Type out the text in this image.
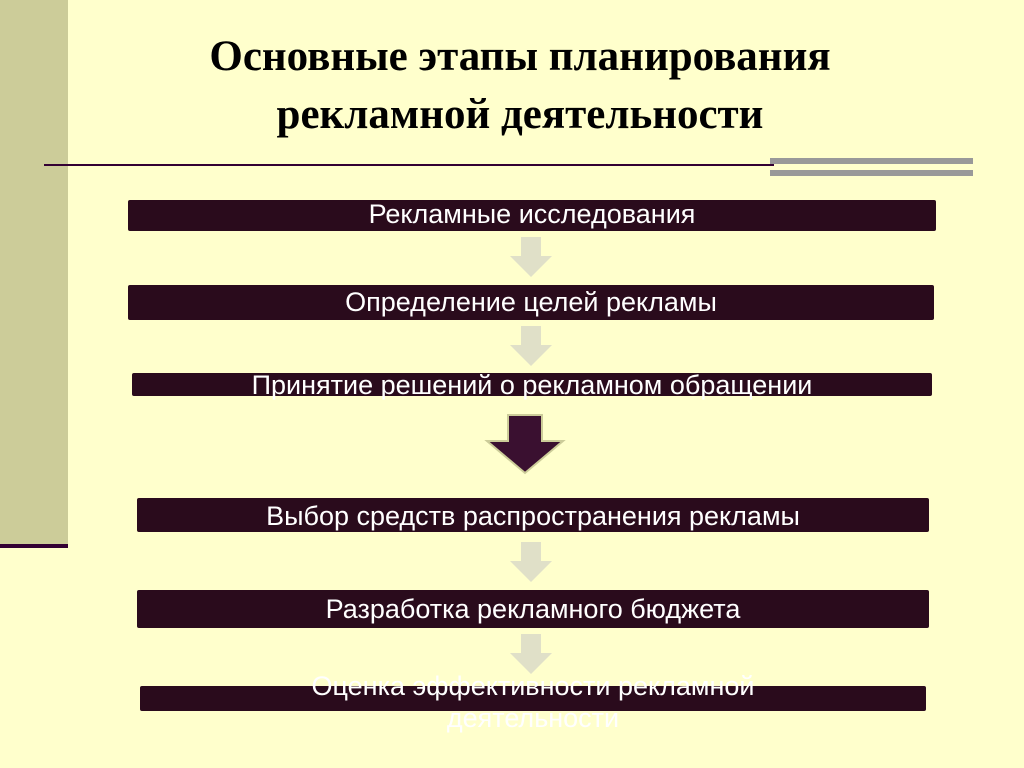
Основные этапы планирования
рекламной деятельности
Рекламные исследования
Определение целей рекламы
Принятие решений о рекламном обращении
Выбор средств распространения рекламы
Разработка рекламного бюджета
Оценка эффективности рекламной деятельности
